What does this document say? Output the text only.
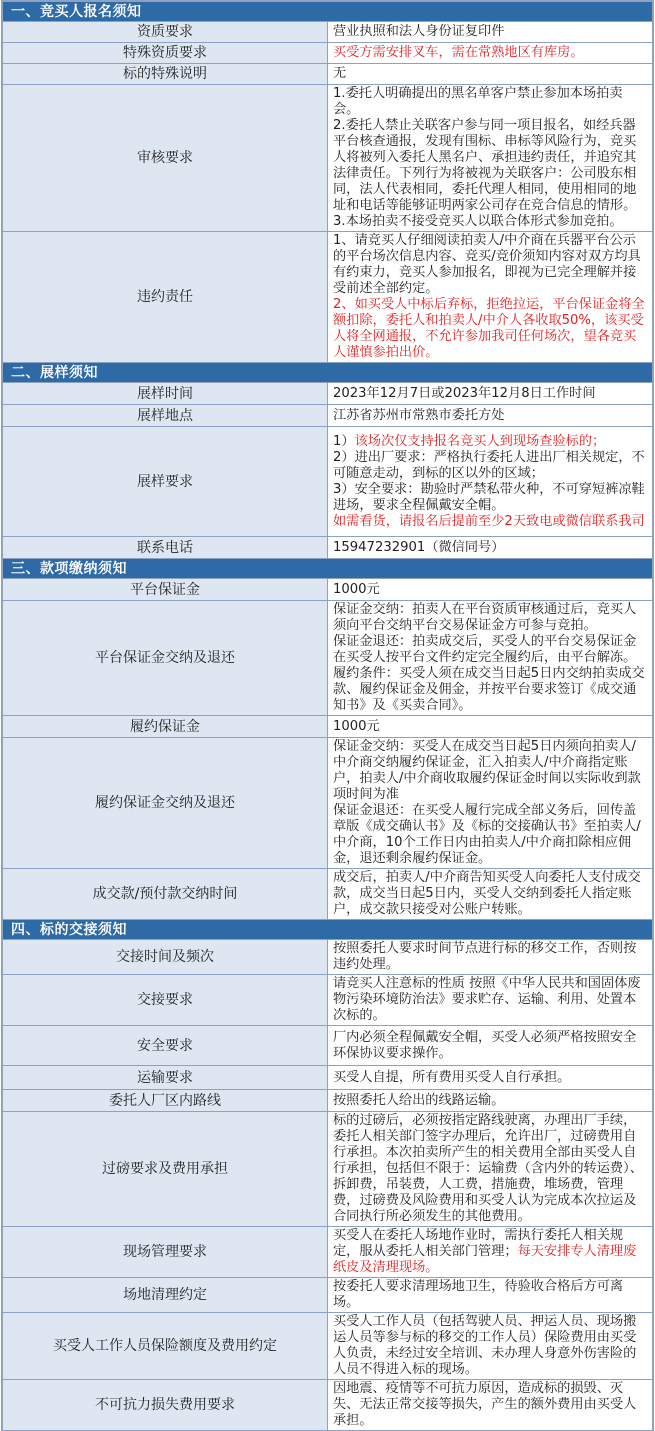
一、竞买人报名须知	
资质要求	营业执照和法人身份证复印件
特殊资质要求	买受方需安排叉车，需在常熟地区有库房。
标的特殊说明	无
审核要求	1.委托人明确提出的黑名单客户禁止参加本场拍卖会。
2.委托人禁止关联客户参与同一项目报名，如经兵器平台核查通报，发现有围标、串标等风险行为，竞买人将被列入委托人黑名户、承担违约责任，并追究其法律责任。下列行为将被视为关联客户：公司股东相同，法人代表相同，委托代理人相同，使用相同的地址和电话等能够证明两家公司存在竞合信息的情形。
3.本场拍卖不接受竞买人以联合体形式参加竞拍。

违约责任	1、请竞买人仔细阅读拍卖人/中介商在兵器平台公示的平台场次信息内容、竞买/竞价须知内容对双方均具有约束力，竞买人参加报名，即视为已完全理解并接受前述全部约定。
2、如买受人中标后弃标，拒绝拉运，平台保证金将全额扣除，委托人和拍卖人/中介人各收取50%，该买受人将全网通报，不允许参加我司任何场次，望各竞买人谨慎参拍出价。

二、展样须知	
展样时间	2023年12月7日或2023年12月8日工作时间
展样地点	江苏省苏州市常熟市委托方处
展样要求	1）该场次仅支持报名竞买人到现场查验标的；
2）进出厂要求：严格执行委托人进出厂相关规定，不可随意走动，到标的区以外的区域；
3）安全要求：勘验时严禁私带火种，不可穿短裤凉鞋进场，要求全程佩戴安全帽。
如需看货，请报名后提前至少2天致电或微信联系我司

联系电话	15947232901（微信同号）
三、款项缴纳须知	
平台保证金	1000元
平台保证金交纳及退还	保证金交纳：拍卖人在平台资质审核通过后，竞买人须向平台交纳平台交易保证金方可参与竞拍。
保证金退还：拍卖成交后，买受人的平台交易保证金在买受人按平台文件约定完全履约后，由平台解冻。
履约条件：买受人须在成交当日起5日内交纳拍卖成交款、履约保证金及佣金，并按平台要求签订《成交通知书》及《买卖合同》。

履约保证金	1000元
履约保证金交纳及退还	保证金交纳：买受人在成交当日起5日内须向拍卖人/中介商交纳履约保证金，汇入拍卖人/中介商指定账户，拍卖人/中介商收取履约保证金时间以实际收到款项时间为准
保证金退还：在买受人履行完成全部义务后，回传盖章版《成交确认书》及《标的交接确认书》至拍卖人/中介商，10个工作日内由拍卖人/中介商扣除相应佣金，退还剩余履约保证金。

成交款/预付款交纳时间	成交后，拍卖人/中介商告知买受人向委托人支付成交款，成交当日起5日内，买受人交纳到委托人指定账户，成交款只接受对公账户转账。
四、标的交接须知	
交接时间及频次	按照委托人要求时间节点进行标的移交工作，否则按违约处理。
交接要求	请竞买人注意标的性质 按照《中华人民共和国固体废物污染环境防治法》要求贮存、运输、利用、处置本次标的。
安全要求	厂内必须全程佩戴安全帽，买受人必须严格按照安全环保协议要求操作。
运输要求	买受人自提，所有费用买受人自行承担。
委托人厂区内路线	按照委托人给出的线路运输。
过磅要求及费用承担	标的过磅后，必须按指定路线驶离，办理出厂手续，委托人相关部门签字办理后，允许出厂，过磅费用自行承担。本次拍卖所产生的相关费用全部由买受人自行承担，包括但不限于：运输费（含内外的转运费）、拆卸费，吊装费，人工费，措施费，堆场费，管理费，过磅费及风险费用和买受人认为完成本次拉运及合同执行所必须发生的其他费用。
现场管理要求	买受人在委托人场地作业时，需执行委托人相关规定，服从委托人相关部门管理；每天安排专人清理废纸皮及清理现场。
场地清理约定	按委托人要求清理场地卫生，待验收合格后方可离场。
买受人工作人员保险额度及费用约定	买受人工作人员（包括驾驶人员、押运人员、现场搬运人员等参与标的移交的工作人员）保险费用由买受人负责，未经过安全培训、未办理人身意外伤害险的人员不得进入标的现场。
不可抗力损失费用要求	因地震、疫情等不可抗力原因，造成标的损毁、灭失、无法正常交接等损失，产生的额外费用由买受人承担。
